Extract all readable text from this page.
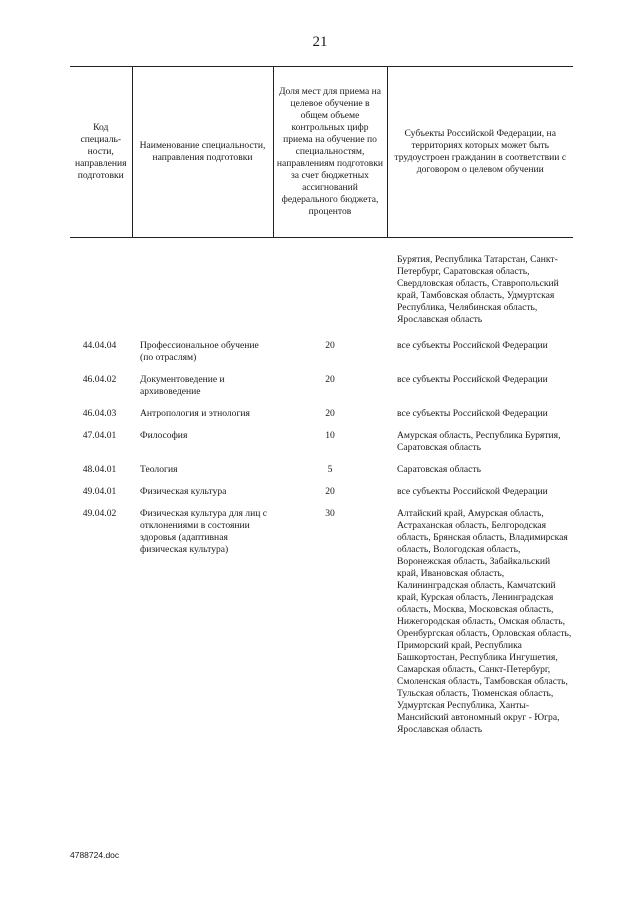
21
Код специаль-ности, направления подготовки	Наименование специальности, направления подготовки	Доля мест для приема на целевое обучение в общем объеме контрольных цифр приема на обучение по специальностям, направлениям подготовки за счет бюджетных ассигнований федерального бюджета, процентов	Субъекты Российской Федерации, на территориях которых может быть трудоустроен гражданин в соответствии с договором о целевом обучении
			Бурятия, Республика Татарстан, Санкт-Петербург, Саратовская область, Свердловская область, Ставропольский край, Тамбовская область, Удмуртская Республика, Челябинская область, Ярославская область
44.04.04	Профессиональное обучение (по отраслям)	20	все субъекты Российской Федерации
46.04.02	Документоведение и архивоведение	20	все субъекты Российской Федерации
46.04.03	Антропология и этнология	20	все субъекты Российской Федерации
47.04.01	Философия	10	Амурская область, Республика Бурятия, Саратовская область
48.04.01	Теология	5	Саратовская область
49.04.01	Физическая культура	20	все субъекты Российской Федерации
49.04.02	Физическая культура для лиц с отклонениями в состоянии здоровья (адаптивная физическая культура)	30	Алтайский край, Амурская область, Астраханская область, Белгородская область, Брянская область, Владимирская область, Вологодская область, Воронежская область, Забайкальский край, Ивановская область, Калининградская область, Камчатский край, Курская область, Ленинградская область, Москва, Московская область, Нижегородская область, Омская область, Оренбургская область, Орловская область, Приморский край, Республика Башкортостан, Республика Ингушетия, Самарская область, Санкт-Петербург, Смоленская область, Тамбовская область, Тульская область, Тюменская область, Удмуртская Республика, Ханты-Мансийский автономный округ - Югра, Ярославская область
4788724.doc
